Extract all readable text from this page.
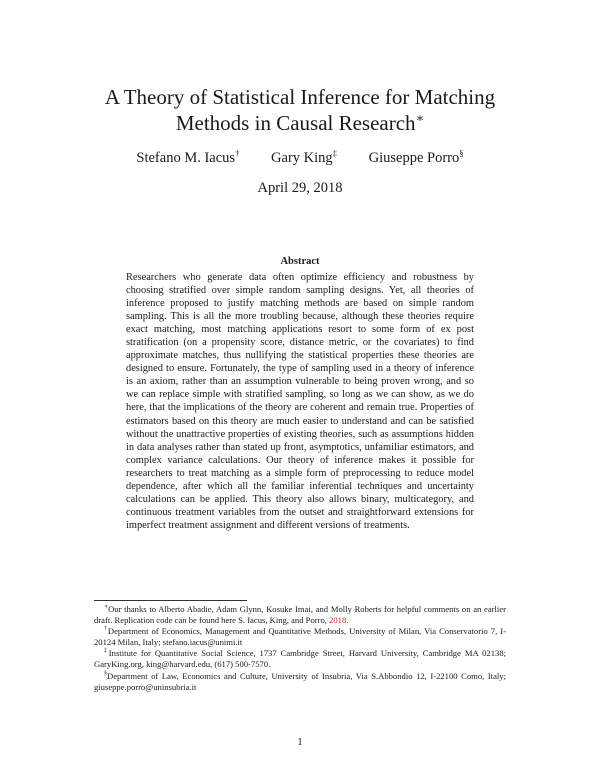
A Theory of Statistical Inference for Matching
Methods in Causal Research∗
Stefano M. Iacus† Gary King‡ Giuseppe Porro§
April 29, 2018
Abstract
Researchers who generate data often optimize efficiency and robustness by choosing stratified over simple random sampling designs. Yet, all theories of inference proposed to justify matching methods are based on simple random sampling. This is all the more troubling because, although these theories require exact matching, most matching applications resort to some form of ex post stratification (on a propensity score, distance metric, or the covariates) to find approximate matches, thus nullifying the statistical properties these theories are designed to ensure. Fortunately, the type of sampling used in a theory of inference is an axiom, rather than an assumption vulnerable to being proven wrong, and so we can replace simple with stratified sampling, so long as we can show, as we do here, that the implications of the theory are coherent and remain true. Properties of estimators based on this theory are much easier to understand and can be satisfied without the unattractive properties of existing theories, such as assumptions hidden in data analyses rather than stated up front, asymptotics, unfamiliar estimators, and complex variance calculations. Our theory of inference makes it possible for researchers to treat matching as a simple form of preprocessing to reduce model dependence, after which all the familiar inferential techniques and uncertainty calculations can be applied. This theory also allows binary, multicategory, and continuous treatment variables from the outset and straightforward extensions for imperfect treatment assignment and different versions of treatments.

∗Our thanks to Alberto Abadie, Adam Glynn, Kosuke Imai, and Molly Roberts for helpful comments on an earlier draft. Replication code can be found here S. Iacus, King, and Porro, 2018.

†Department of Economics, Management and Quantitative Methods, University of Milan, Via Conservatorio 7, I-20124 Milan, Italy; stefano.iacus@unimi.it

‡Institute for Quantitative Social Science, 1737 Cambridge Street, Harvard University, Cambridge MA 02138; GaryKing.org, king@harvard.edu, (617) 500-7570.

§Department of Law, Economics and Culture, University of Insubria, Via S.Abbondio 12, I-22100 Como, Italy; giuseppe.porro@uninsubria.it

1
